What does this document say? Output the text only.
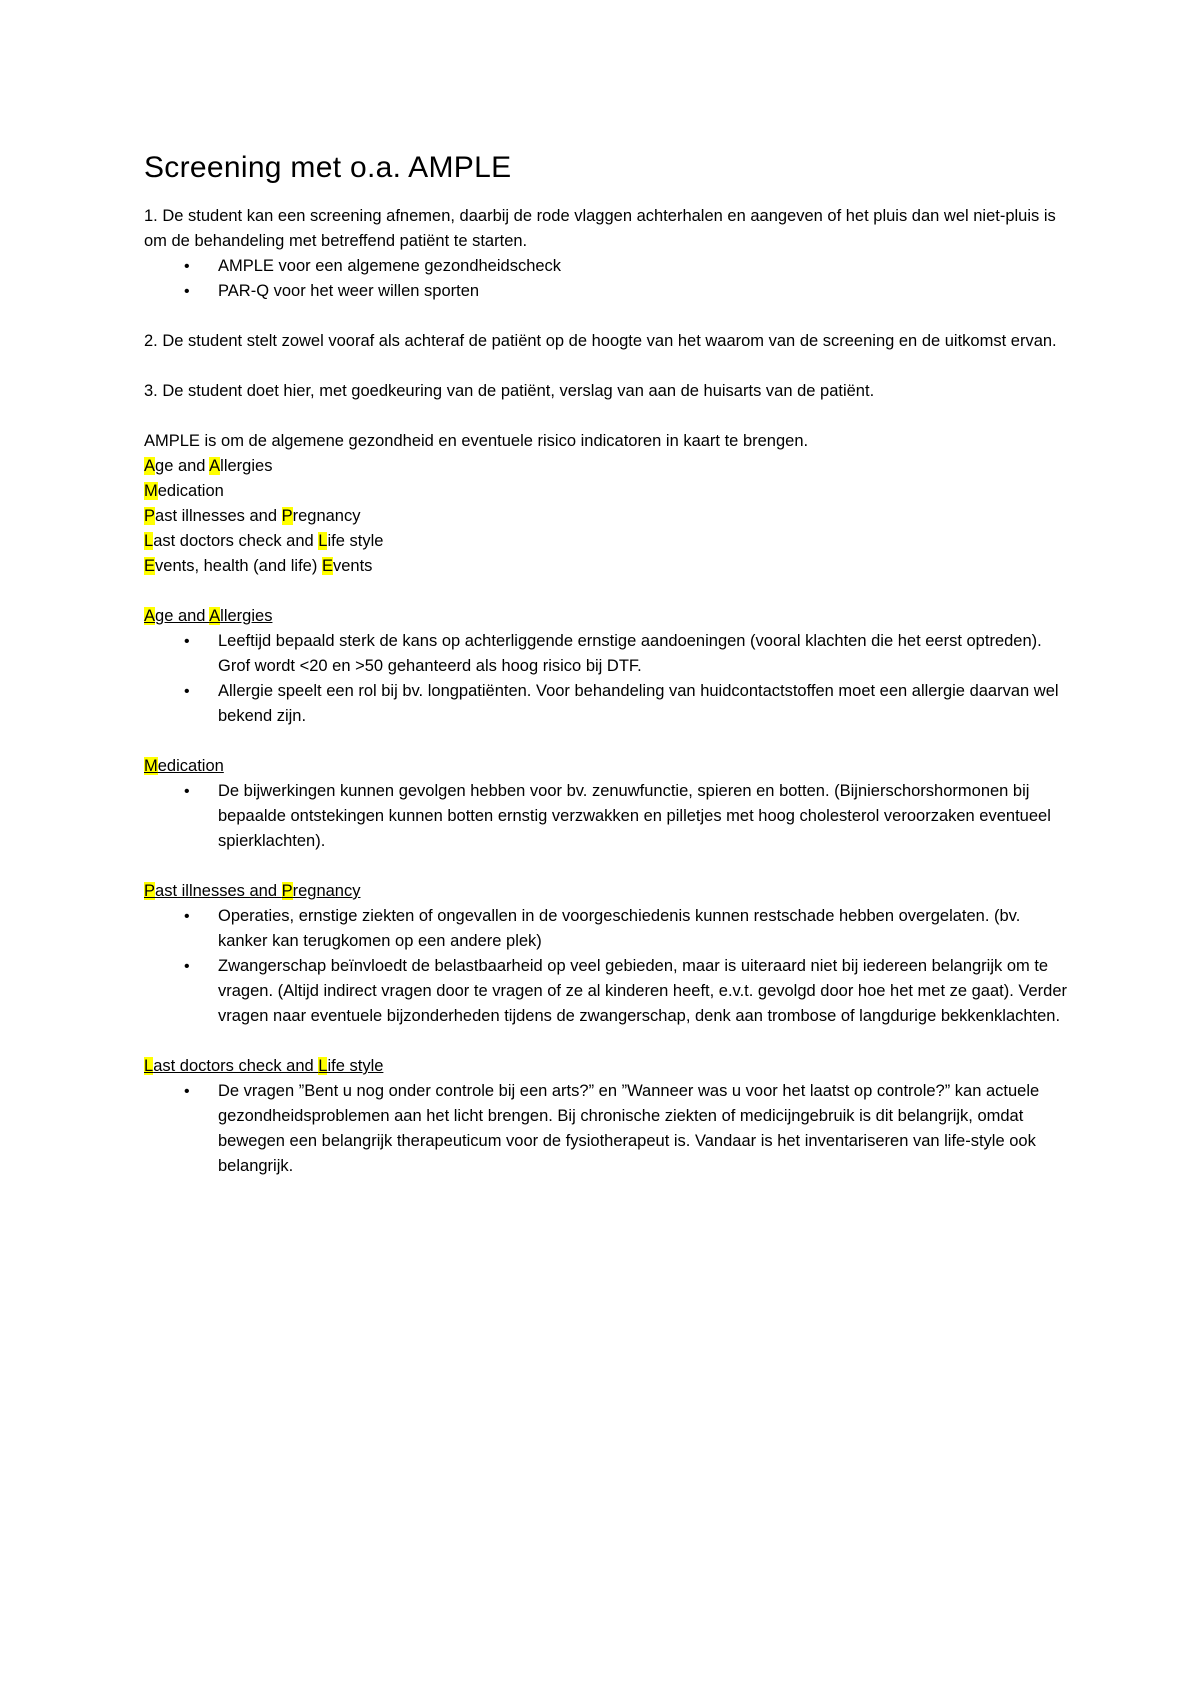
Screening met o.a. AMPLE

1. De student kan een screening afnemen, daarbij de rode vlaggen achterhalen en aangeven of het pluis dan wel niet-pluis is om de behandeling met betreffend patiënt te starten.

• AMPLE voor een algemene gezondheidscheck
• PAR-Q voor het weer willen sporten

2. De student stelt zowel vooraf als achteraf de patiënt op de hoogte van het waarom van de screening en de uitkomst ervan.

3. De student doet hier, met goedkeuring van de patiënt, verslag van aan de huisarts van de patiënt.

AMPLE is om de algemene gezondheid en eventuele risico indicatoren in kaart te brengen.

Age and Allergies
Medication
Past illnesses and Pregnancy
Last doctors check and Life style
Events, health (and life) Events
Age and Allergies
• Leeftijd bepaald sterk de kans op achterliggende ernstige aandoeningen (vooral klachten die het eerst optreden). Grof wordt <20 en >50 gehanteerd als hoog risico bij DTF.
• Allergie speelt een rol bij bv. longpatiënten. Voor behandeling van huidcontactstoffen moet een allergie daarvan wel bekend zijn.
Medication
• De bijwerkingen kunnen gevolgen hebben voor bv. zenuwfunctie, spieren en botten. (Bijnierschorshormonen bij bepaalde ontstekingen kunnen botten ernstig verzwakken en pilletjes met hoog cholesterol veroorzaken eventueel spierklachten).
Past illnesses and Pregnancy
• Operaties, ernstige ziekten of ongevallen in de voorgeschiedenis kunnen restschade hebben overgelaten. (bv. kanker kan terugkomen op een andere plek)
• Zwangerschap beïnvloedt de belastbaarheid op veel gebieden, maar is uiteraard niet bij iedereen belangrijk om te vragen. (Altijd indirect vragen door te vragen of ze al kinderen heeft, e.v.t. gevolgd door hoe het met ze gaat). Verder vragen naar eventuele bijzonderheden tijdens de zwangerschap, denk aan trombose of langdurige bekkenklachten.
Last doctors check and Life style
• De vragen ”Bent u nog onder controle bij een arts?” en ”Wanneer was u voor het laatst op controle?” kan actuele gezondheidsproblemen aan het licht brengen. Bij chronische ziekten of medicijngebruik is dit belangrijk, omdat bewegen een belangrijk therapeuticum voor de fysiotherapeut is. Vandaar is het inventariseren van life-style ook belangrijk.
